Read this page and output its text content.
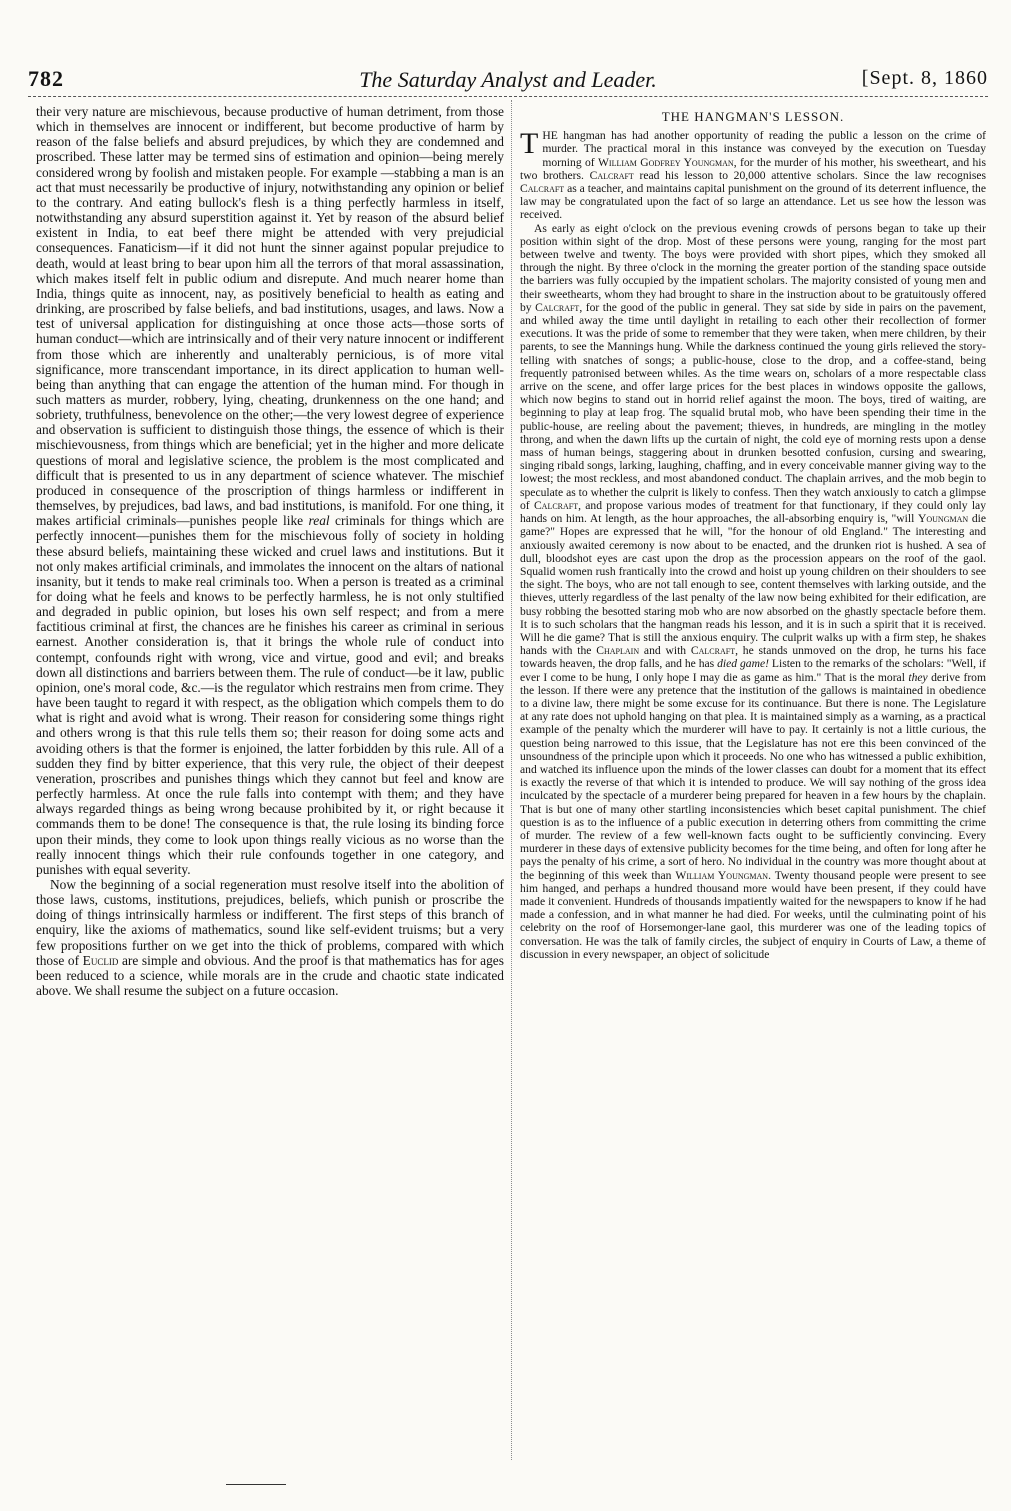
782	The Saturday Analyst and Leader.
[	Sept. 8, 1860

their very nature are mischievous, because productive of human detriment, from those which in themselves are innocent or indifferent, but become productive of harm by reason of the false beliefs and absurd prejudices, by which they are condemned and proscribed. These latter may be termed sins of estimation and opinion—being merely considered wrong by foolish and mistaken people. For example —stabbing a man is an act that must necessarily be productive of injury, notwithstanding any opinion or belief to the contrary. And eating bullock's flesh is a thing perfectly harmless in itself, notwithstanding any absurd superstition against it. Yet by reason of the absurd belief existent in India, to eat beef there might be attended with very prejudicial consequences. Fanaticism—if it did not hunt the sinner against popular prejudice to death, would at least bring to bear upon him all the terrors of that moral assassination, which makes itself felt in public odium and disrepute. And much nearer home than India, things quite as innocent, nay, as positively beneficial to health as eating and drinking, are proscribed by false beliefs, and bad institutions, usages, and laws. Now a test of universal application for distinguishing at once those acts—those sorts of human conduct—which are intrinsically and of their very nature innocent or indifferent from those which are inherently and unalterably pernicious, is of more vital significance, more transcendant importance, in its direct application to human well-being than anything that can engage the attention of the human mind. For though in such matters as murder, robbery, lying, cheating, drunkenness on the one hand; and sobriety, truthfulness, benevolence on the other;—the very lowest degree of experience and observation is sufficient to distinguish those things, the essence of which is their mischievousness, from things which are beneficial; yet in the higher and more delicate questions of moral and legislative science, the problem is the most complicated and difficult that is presented to us in any department of science whatever. The mischief produced in consequence of the proscription of things harmless or indifferent in themselves, by prejudices, bad laws, and bad institutions, is manifold. For one thing, it makes artificial criminals—punishes people like real criminals for things which are perfectly innocent—punishes them for the mischievous folly of society in holding these absurd beliefs, maintaining these wicked and cruel laws and institutions. But it not only makes artificial criminals, and immolates the innocent on the altars of national insanity, but it tends to make real criminals too. When a person is treated as a criminal for doing what he feels and knows to be perfectly harmless, he is not only stultified and degraded in public opinion, but loses his own self respect; and from a mere factitious criminal at first, the chances are he finishes his career as criminal in serious earnest. Another consideration is, that it brings the whole rule of conduct into contempt, confounds right with wrong, vice and virtue, good and evil; and breaks down all distinctions and barriers between them. The rule of conduct—be it law, public opinion, one's moral code, &c.—is the regulator which restrains men from crime. They have been taught to regard it with respect, as the obligation which compels them to do what is right and avoid what is wrong. Their reason for considering some things right and others wrong is that this rule tells them so; their reason for doing some acts and avoiding others is that the former is enjoined, the latter forbidden by this rule. All of a sudden they find by bitter experience, that this very rule, the object of their deepest veneration, proscribes and punishes things which they cannot but feel and know are perfectly harmless. At once the rule falls into contempt with them; and they have always regarded things as being wrong because prohibited by it, or right because it commands them to be done! The consequence is that, the rule losing its binding force upon their minds, they come to look upon things really vicious as no worse than the really innocent things which their rule confounds together in one category, and punishes with equal severity.

Now the beginning of a social regeneration must resolve itself into the abolition of those laws, customs, institutions, prejudices, beliefs, which punish or proscribe the doing of things intrinsically harmless or indifferent. The first steps of this branch of enquiry, like the axioms of mathematics, sound like self-evident truisms; but a very few propositions further on we get into the thick of problems, compared with which those of Euclid are simple and obvious. And the proof is that mathematics has for ages been reduced to a science, while morals are in the crude and chaotic state indicated above. We shall resume the subject on a future occasion.

THE HANGMAN'S LESSON.

THE hangman has had another opportunity of reading the public a lesson on the crime of murder. The practical moral in this instance was conveyed by the execution on Tuesday morning of William Godfrey Youngman, for the murder of his mother, his sweetheart, and his two brothers. Calcraft read his lesson to 20,000 attentive scholars. Since the law recognises Calcraft as a teacher, and maintains capital punishment on the ground of its deterrent influence, the law may be congratulated upon the fact of so large an attendance. Let us see how the lesson was received.

As early as eight o'clock on the previous evening crowds of persons began to take up their position within sight of the drop. Most of these persons were young, ranging for the most part between twelve and twenty. The boys were provided with short pipes, which they smoked all through the night. By three o'clock in the morning the greater portion of the standing space outside the barriers was fully occupied by the impatient scholars. The majority consisted of young men and their sweethearts, whom they had brought to share in the instruction about to be gratuitously offered by Calcraft, for the good of the public in general. They sat side by side in pairs on the pavement, and whiled away the time until daylight in retailing to each other their recollection of former executions. It was the pride of some to remember that they were taken, when mere children, by their parents, to see the Mannings hung. While the darkness continued the young girls relieved the story-telling with snatches of songs; a public-house, close to the drop, and a coffee-stand, being frequently patronised between whiles. As the time wears on, scholars of a more respectable class arrive on the scene, and offer large prices for the best places in windows opposite the gallows, which now begins to stand out in horrid relief against the moon. The boys, tired of waiting, are beginning to play at leap frog. The squalid brutal mob, who have been spending their time in the public-house, are reeling about the pavement; thieves, in hundreds, are mingling in the motley throng, and when the dawn lifts up the curtain of night, the cold eye of morning rests upon a dense mass of human beings, staggering about in drunken besotted confusion, cursing and swearing, singing ribald songs, larking, laughing, chaffing, and in every conceivable manner giving way to the lowest; the most reckless, and most abandoned conduct. The chaplain arrives, and the mob begin to speculate as to whether the culprit is likely to confess. Then they watch anxiously to catch a glimpse of Calcraft, and propose various modes of treatment for that functionary, if they could only lay hands on him. At length, as the hour approaches, the all-absorbing enquiry is, "will Youngman die game?" Hopes are expressed that he will, "for the honour of old England." The interesting and anxiously awaited ceremony is now about to be enacted, and the drunken riot is hushed. A sea of dull, bloodshot eyes are cast upon the drop as the procession appears on the roof of the gaol. Squalid women rush frantically into the crowd and hoist up young children on their shoulders to see the sight. The boys, who are not tall enough to see, content themselves with larking outside, and the thieves, utterly regardless of the last penalty of the law now being exhibited for their edification, are busy robbing the besotted staring mob who are now absorbed on the ghastly spectacle before them. It is to such scholars that the hangman reads his lesson, and it is in such a spirit that it is received. Will he die game? That is still the anxious enquiry. The culprit walks up with a firm step, he shakes hands with the Chaplain and with Calcraft, he stands unmoved on the drop, he turns his face towards heaven, the drop falls, and he has died game! Listen to the remarks of the scholars: "Well, if ever I come to be hung, I only hope I may die as game as him." That is the moral they derive from the lesson. If there were any pretence that the institution of the gallows is maintained in obedience to a divine law, there might be some excuse for its continuance. But there is none. The Legislature at any rate does not uphold hanging on that plea. It is maintained simply as a warning, as a practical example of the penalty which the murderer will have to pay. It certainly is not a little curious, the question being narrowed to this issue, that the Legislature has not ere this been convinced of the unsoundness of the principle upon which it proceeds. No one who has witnessed a public exhibition, and watched its influence upon the minds of the lower classes can doubt for a moment that its effect is exactly the reverse of that which it is intended to produce. We will say nothing of the gross idea inculcated by the spectacle of a murderer being prepared for heaven in a few hours by the chaplain. That is but one of many other startling inconsistencies which beset capital punishment. The chief question is as to the influence of a public execution in deterring others from committing the crime of murder. The review of a few well-known facts ought to be sufficiently convincing. Every murderer in these days of extensive publicity becomes for the time being, and often for long after he pays the penalty of his crime, a sort of hero. No individual in the country was more thought about at the beginning of this week than William Youngman. Twenty thousand people were present to see him hanged, and perhaps a hundred thousand more would have been present, if they could have made it convenient. Hundreds of thousands impatiently waited for the newspapers to know if he had made a confession, and in what manner he had died. For weeks, until the culminating point of his celebrity on the roof of Horsemonger-lane gaol, this murderer was one of the leading topics of conversation. He was the talk of family circles, the subject of enquiry in Courts of Law, a theme of discussion in every newspaper, an object of solicitude
